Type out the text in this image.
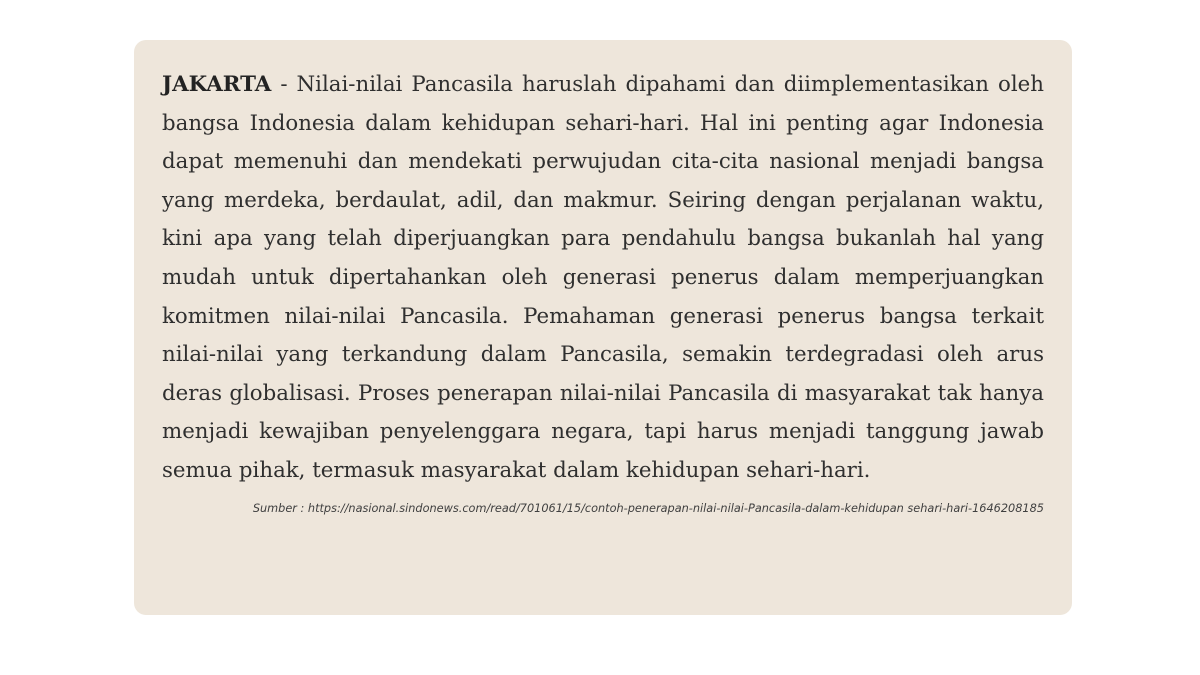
JAKARTA - Nilai-nilai Pancasila haruslah dipahami dan diimplementasikan oleh bangsa Indonesia dalam kehidupan sehari-hari. Hal ini penting agar Indonesia dapat memenuhi dan mendekati perwujudan cita-cita nasional menjadi bangsa yang merdeka, berdaulat, adil, dan makmur. Seiring dengan perjalanan waktu, kini apa yang telah diperjuangkan para pendahulu bangsa bukanlah hal yang mudah untuk dipertahankan oleh generasi penerus dalam memperjuangkan komitmen nilai-nilai Pancasila. Pemahaman generasi penerus bangsa terkait nilai-nilai yang terkandung dalam Pancasila, semakin terdegradasi oleh arus deras globalisasi. Proses penerapan nilai-nilai Pancasila di masyarakat tak hanya menjadi kewajiban penyelenggara negara, tapi harus menjadi tanggung jawab semua pihak, termasuk masyarakat dalam kehidupan sehari-hari.

Sumber : https://nasional.sindonews.com/read/701061/15/contoh-penerapan-nilai-nilai-Pancasila-dalam-kehidupan sehari-hari-1646208185
